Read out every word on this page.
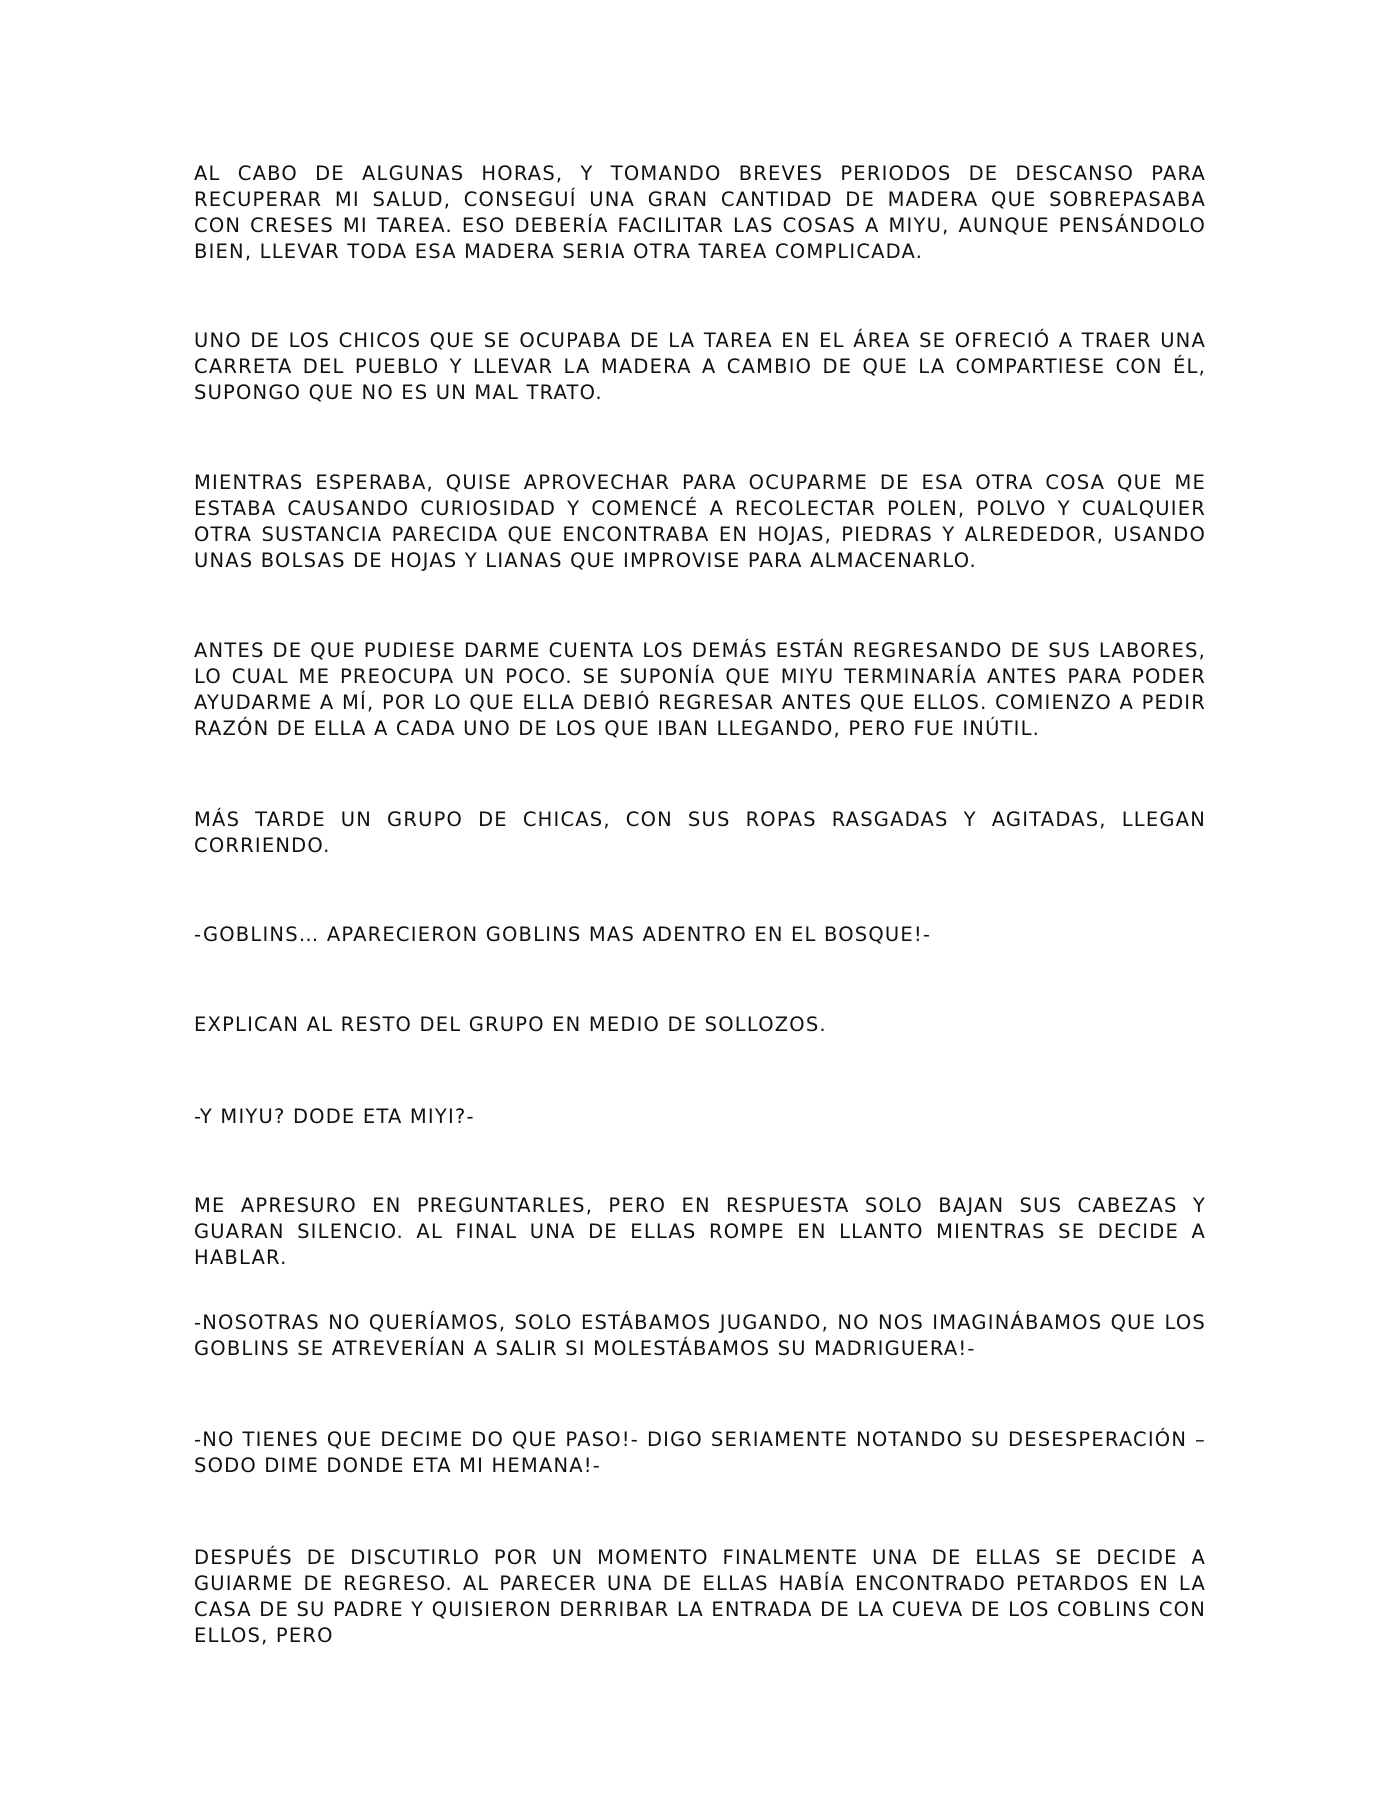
AL CABO DE ALGUNAS HORAS, Y TOMANDO BREVES PERIODOS DE DESCANSO PARA RECUPERAR MI SALUD, CONSEGUÍ UNA GRAN CANTIDAD DE MADERA QUE SOBREPASABA CON CRESES MI TAREA. ESO DEBERÍA FACILITAR LAS COSAS A MIYU, AUNQUE PENSÁNDOLO BIEN, LLEVAR TODA ESA MADERA SERIA OTRA TAREA COMPLICADA.

UNO DE LOS CHICOS QUE SE OCUPABA DE LA TAREA EN EL ÁREA SE OFRECIÓ A TRAER UNA CARRETA DEL PUEBLO Y LLEVAR LA MADERA A CAMBIO DE QUE LA COMPARTIESE CON ÉL, SUPONGO QUE NO ES UN MAL TRATO.

MIENTRAS ESPERABA, QUISE APROVECHAR PARA OCUPARME DE ESA OTRA COSA QUE ME ESTABA CAUSANDO CURIOSIDAD Y COMENCÉ A RECOLECTAR POLEN, POLVO Y CUALQUIER OTRA SUSTANCIA PARECIDA QUE ENCONTRABA EN HOJAS, PIEDRAS Y ALREDEDOR, USANDO UNAS BOLSAS DE HOJAS Y LIANAS QUE IMPROVISE PARA ALMACENARLO.

ANTES DE QUE PUDIESE DARME CUENTA LOS DEMÁS ESTÁN REGRESANDO DE SUS LABORES, LO CUAL ME PREOCUPA UN POCO. SE SUPONÍA QUE MIYU TERMINARÍA ANTES PARA PODER AYUDARME A MÍ, POR LO QUE ELLA DEBIÓ REGRESAR ANTES QUE ELLOS. COMIENZO A PEDIR RAZÓN DE ELLA A CADA UNO DE LOS QUE IBAN LLEGANDO, PERO FUE INÚTIL.

MÁS TARDE UN GRUPO DE CHICAS, CON SUS ROPAS RASGADAS Y AGITADAS, LLEGAN CORRIENDO.

-GOBLINS… APARECIERON GOBLINS MAS ADENTRO EN EL BOSQUE!-

EXPLICAN AL RESTO DEL GRUPO EN MEDIO DE SOLLOZOS.

-Y MIYU? DODE ETA MIYI?-

ME APRESURO EN PREGUNTARLES, PERO EN RESPUESTA SOLO BAJAN SUS CABEZAS Y GUARAN SILENCIO. AL FINAL UNA DE ELLAS ROMPE EN LLANTO MIENTRAS SE DECIDE A HABLAR.

-NOSOTRAS NO QUERÍAMOS, SOLO ESTÁBAMOS JUGANDO, NO NOS IMAGINÁBAMOS QUE LOS GOBLINS SE ATREVERÍAN A SALIR SI MOLESTÁBAMOS SU MADRIGUERA!-

-NO TIENES QUE DECIME DO QUE PASO!- DIGO SERIAMENTE NOTANDO SU DESESPERACIÓN – SODO DIME DONDE ETA MI HEMANA!-

DESPUÉS DE DISCUTIRLO POR UN MOMENTO FINALMENTE UNA DE ELLAS SE DECIDE A GUIARME DE REGRESO. AL PARECER UNA DE ELLAS HABÍA ENCONTRADO PETARDOS EN LA CASA DE SU PADRE Y QUISIERON DERRIBAR LA ENTRADA DE LA CUEVA DE LOS COBLINS CON ELLOS, PERO
